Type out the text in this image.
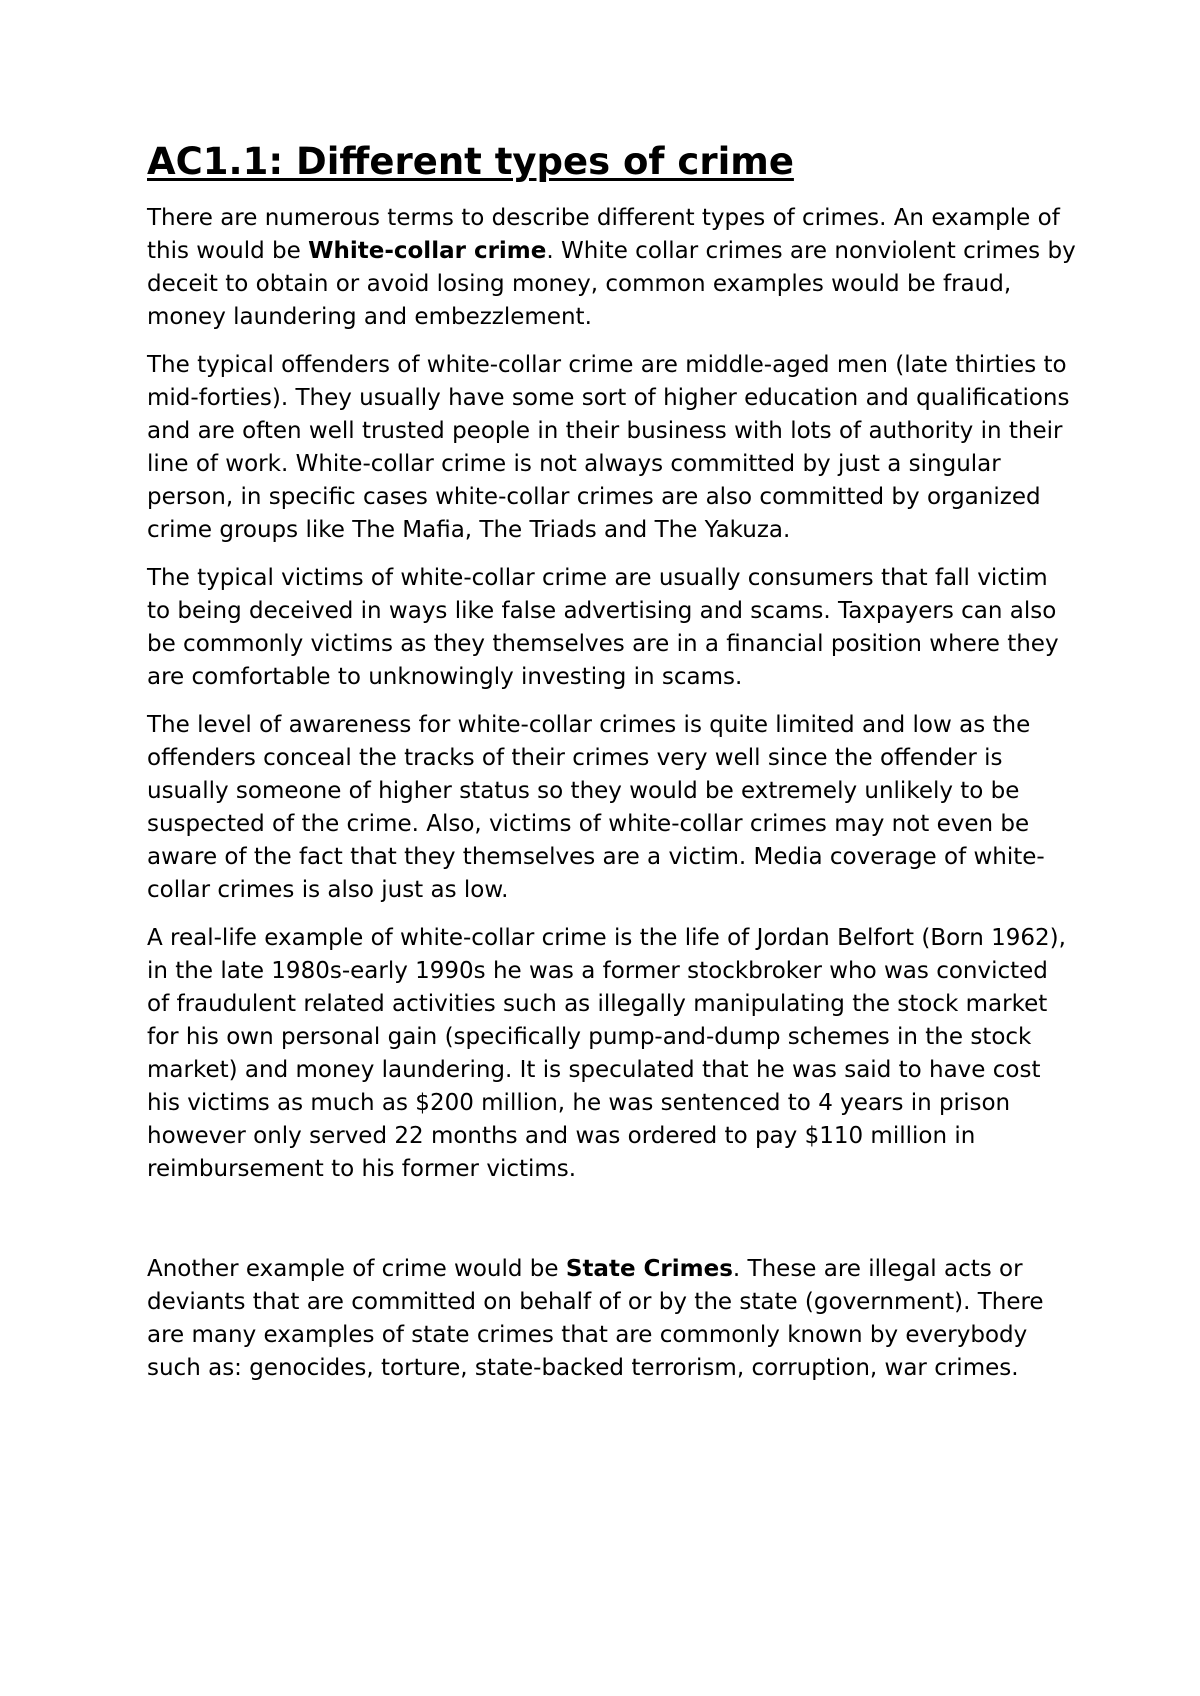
AC1.1: Different types of crime

There are numerous terms to describe different types of crimes. An example of this would be White-collar crime. White collar crimes are nonviolent crimes by deceit to obtain or avoid losing money, common examples would be fraud, money laundering and embezzlement.

The typical offenders of white-collar crime are middle-aged men (late thirties to mid-forties). They usually have some sort of higher education and qualifications and are often well trusted people in their business with lots of authority in their line of work. White-collar crime is not always committed by just a singular person, in specific cases white-collar crimes are also committed by organized crime groups like The Mafia, The Triads and The Yakuza.

The typical victims of white-collar crime are usually consumers that fall victim to being deceived in ways like false advertising and scams. Taxpayers can also be commonly victims as they themselves are in a financial position where they are comfortable to unknowingly investing in scams.

The level of awareness for white-collar crimes is quite limited and low as the offenders conceal the tracks of their crimes very well since the offender is usually someone of higher status so they would be extremely unlikely to be suspected of the crime. Also, victims of white-collar crimes may not even be aware of the fact that they themselves are a victim. Media coverage of white-collar crimes is also just as low.

A real-life example of white-collar crime is the life of Jordan Belfort (Born 1962), in the late 1980s-early 1990s he was a former stockbroker who was convicted of fraudulent related activities such as illegally manipulating the stock market for his own personal gain (specifically pump-and-dump schemes in the stock market) and money laundering. It is speculated that he was said to have cost his victims as much as $200 million, he was sentenced to 4 years in prison however only served 22 months and was ordered to pay $110 million in reimbursement to his former victims.

Another example of crime would be State Crimes. These are illegal acts or deviants that are committed on behalf of or by the state (government). There are many examples of state crimes that are commonly known by everybody such as: genocides, torture, state-backed terrorism, corruption, war crimes.
